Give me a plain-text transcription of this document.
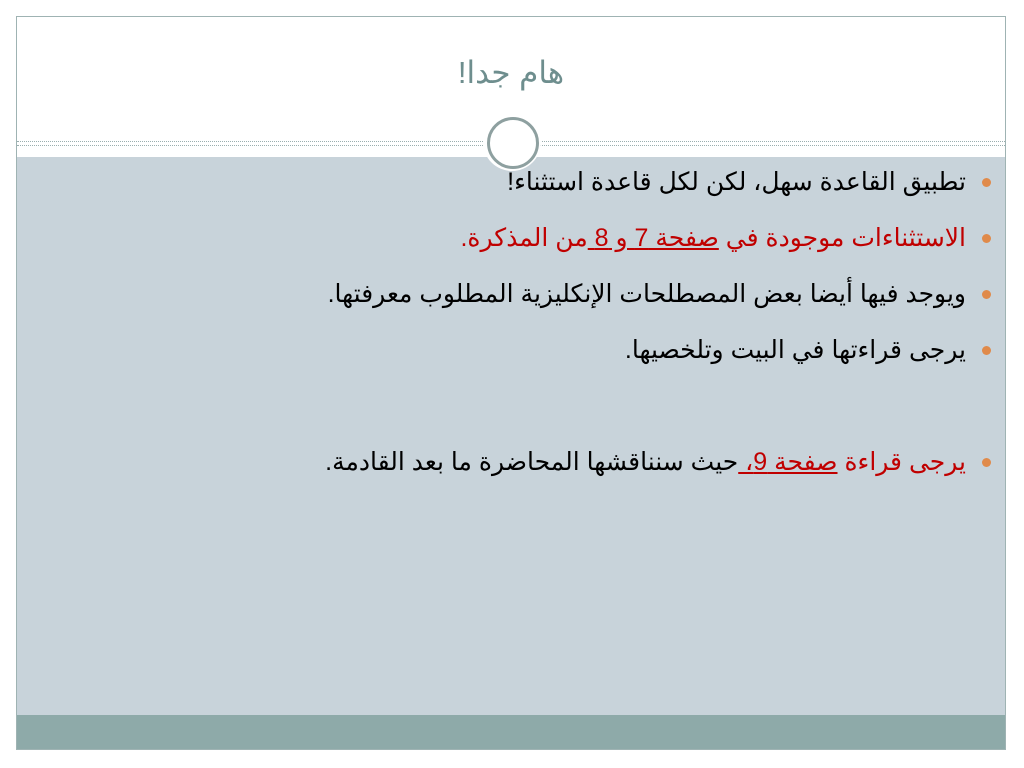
هام جدا!
تطبيق القاعدة سهل، لكن لكل قاعدة استثناء!
الاستثناءات موجودة في صفحة 7 و 8 من المذكرة.
ويوجد فيها أيضا بعض المصطلحات الإنكليزية المطلوب معرفتها.
يرجى قراءتها في البيت وتلخصيها.
يرجى قراءة صفحة 9، حيث سنناقشها المحاضرة ما بعد القادمة.
